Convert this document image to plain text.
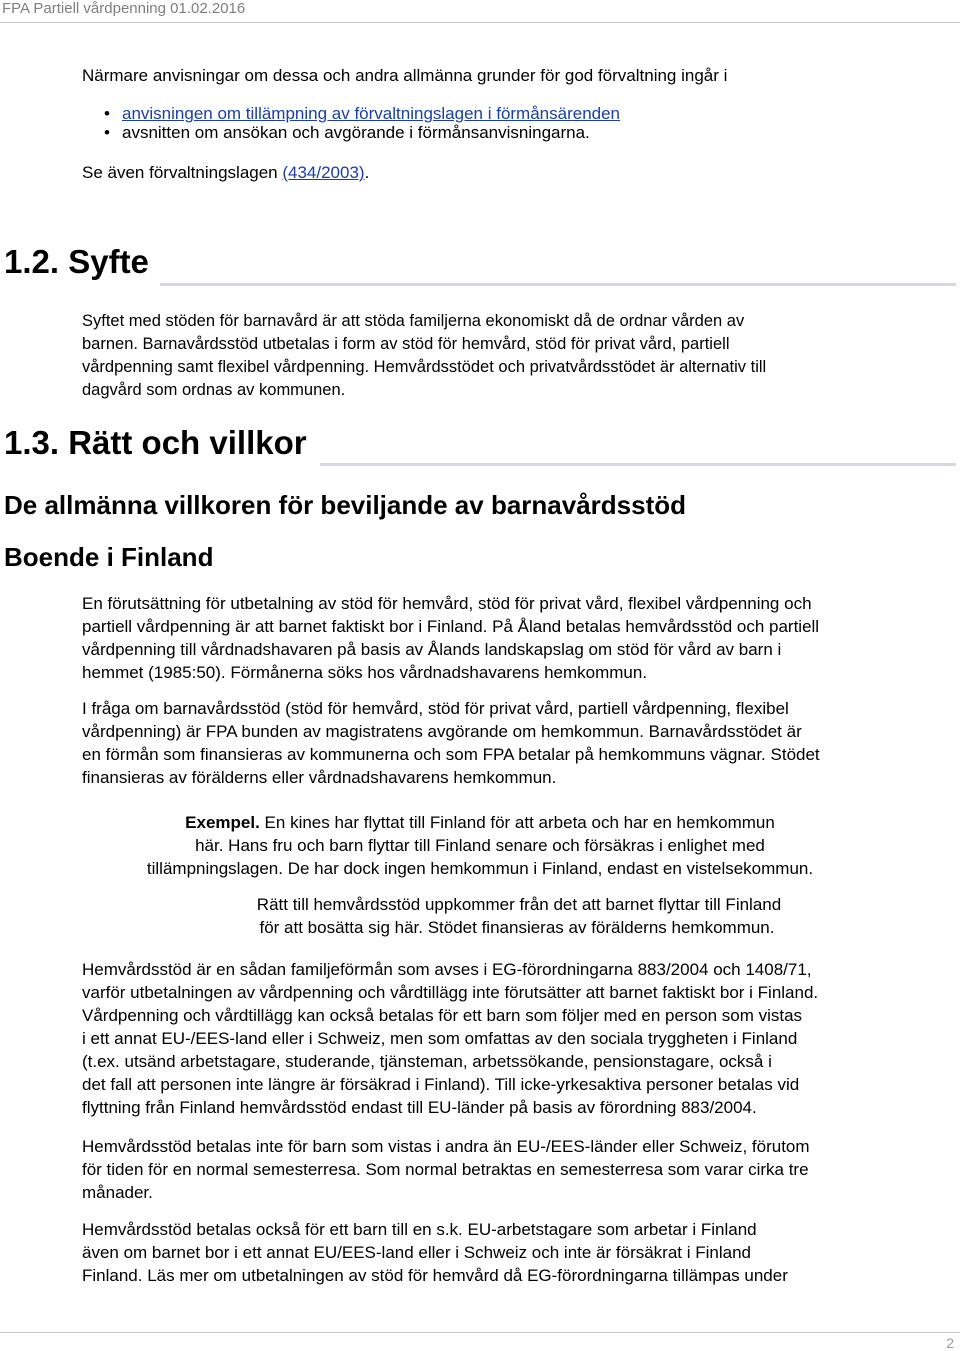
FPA Partiell vårdpenning 01.02.2016

Närmare anvisningar om dessa och andra allmänna grunder för god förvaltning ingår i

• anvisningen om tillämpning av förvaltningslagen i förmånsärenden
• avsnitten om ansökan och avgörande i förmånsanvisningarna.

Se även förvaltningslagen (434/2003).

1.2. Syfte
Syftet med stöden för barnavård är att stöda familjerna ekonomiskt då de ordnar vården av
barnen. Barnavårdsstöd utbetalas i form av stöd för hemvård, stöd för privat vård, partiell
vårdpenning samt flexibel vårdpenning. Hemvårdsstödet och privatvårdsstödet är alternativ till
dagvård som ordnas av kommunen.
1.3. Rätt och villkor
De allmänna villkoren för beviljande av barnavårdsstöd
Boende i Finland
En förutsättning för utbetalning av stöd för hemvård, stöd för privat vård, flexibel vårdpenning och
partiell vårdpenning är att barnet faktiskt bor i Finland. På Åland betalas hemvårdsstöd och partiell
vårdpenning till vårdnadshavaren på basis av Ålands landskapslag om stöd för vård av barn i
hemmet (1985:50). Förmånerna söks hos vårdnadshavarens hemkommun.
I fråga om barnavårdsstöd (stöd för hemvård, stöd för privat vård, partiell vårdpenning, flexibel
vårdpenning) är FPA bunden av magistratens avgörande om hemkommun. Barnavårdsstödet är
en förmån som finansieras av kommunerna och som FPA betalar på hemkommuns vägnar. Stödet
finansieras av förälderns eller vårdnadshavarens hemkommun.
Exempel. En kines har flyttat till Finland för att arbeta och har en hemkommun
här. Hans fru och barn flyttar till Finland senare och försäkras i enlighet med
tillämpningslagen. De har dock ingen hemkommun i Finland, endast en vistelsekommun.
Rätt till hemvårdsstöd uppkommer från det att barnet flyttar till Finland
för att bosätta sig här. Stödet finansieras av förälderns hemkommun.
Hemvårdsstöd är en sådan familjeförmån som avses i EG-förordningarna 883/2004 och 1408/71,
varför utbetalningen av vårdpenning och vårdtillägg inte förutsätter att barnet faktiskt bor i Finland.
Vårdpenning och vårdtillägg kan också betalas för ett barn som följer med en person som vistas
i ett annat EU-/EES-land eller i Schweiz, men som omfattas av den sociala tryggheten i Finland
(t.ex. utsänd arbetstagare, studerande, tjänsteman, arbetssökande, pensionstagare, också i
det fall att personen inte längre är försäkrad i Finland). Till icke-yrkesaktiva personer betalas vid
flyttning från Finland hemvårdsstöd endast till EU-länder på basis av förordning 883/2004.
Hemvårdsstöd betalas inte för barn som vistas i andra än EU-/EES-länder eller Schweiz, förutom
för tiden för en normal semesterresa. Som normal betraktas en semesterresa som varar cirka tre
månader.
Hemvårdsstöd betalas också för ett barn till en s.k. EU-arbetstagare som arbetar i Finland
även om barnet bor i ett annat EU/EES-land eller i Schweiz och inte är försäkrat i Finland
Finland. Läs mer om utbetalningen av stöd för hemvård då EG-förordningarna tillämpas under
2
